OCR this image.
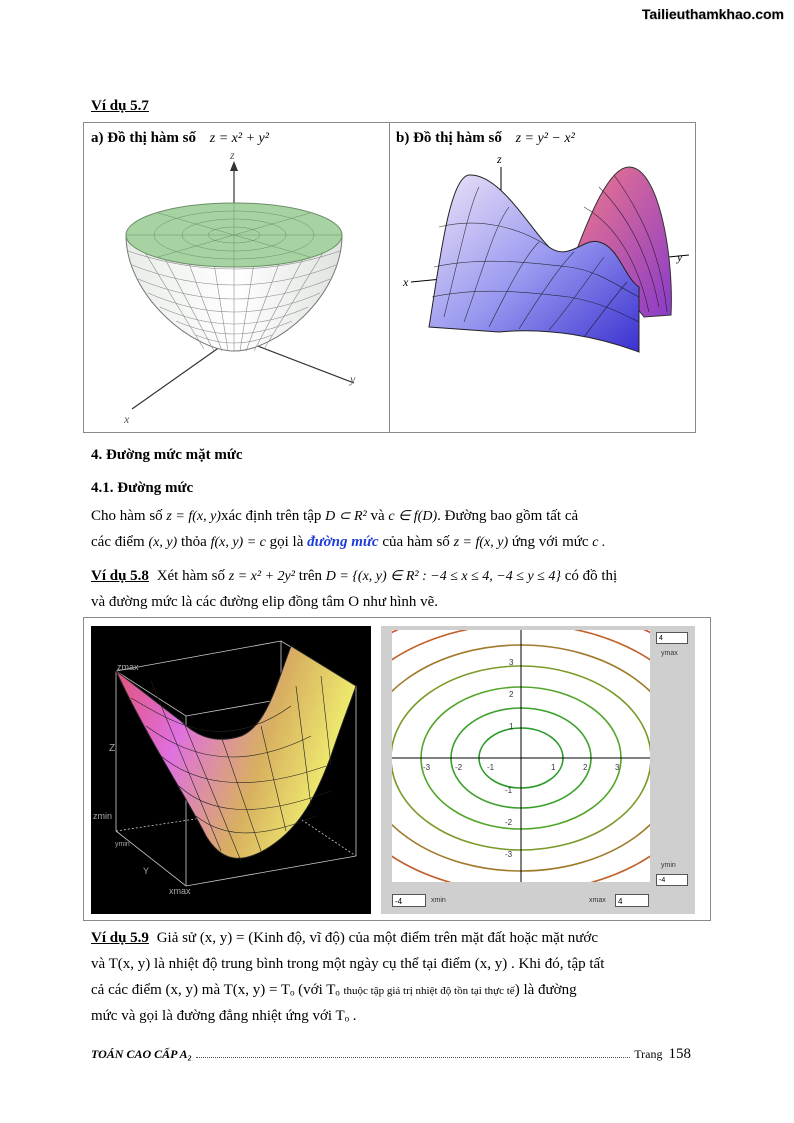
Tailieuthamkhao.com
Ví dụ 5.7
a) Đồ thị hàm số z = x² + y²	b) Đồ thị hàm số z = y² − x²
z
x
y
z
x
y
4. Đường mức mặt mức
4.1. Đường mức
Cho hàm số z = f(x, y)xác định trên tập D ⊂ R² và c ∈ f(D). Đường bao gồm tất cả
các điểm (x, y) thỏa f(x, y) = c gọi là đường mức của hàm số z = f(x, y) ứng với mức c .
Ví dụ 5.8 Xét hàm số z = x² + 2y² trên D = {(x, y) ∈ R² : −4 ≤ x ≤ 4, −4 ≤ y ≤ 4} có đồ thị
và đường mức là các đường elip đồng tâm O như hình vẽ.
zmax
Z
zmin
ymin
Y
xmax
-3	-2	-1	1	2	3
3
2
1
-1
-2
-3
4
ymax
ymin
-4
-4	xmin	xmax	4
Ví dụ 5.9 Giả sử (x, y) = (Kinh độ, vĩ độ) của một điểm trên mặt đất hoặc mặt nước
và T(x, y) là nhiệt độ trung bình trong một ngày cụ thể tại điểm (x, y) . Khi đó, tập tất
cả các điểm (x, y) mà T(x, y) = Tₒ (với Tₒ thuộc tập giá trị nhiệt độ tồn tại thực tế) là đường
mức và gọi là đường đẳng nhiệt ứng với Tₒ .
TOÁN CAO CẤP A₂	Trang 158
